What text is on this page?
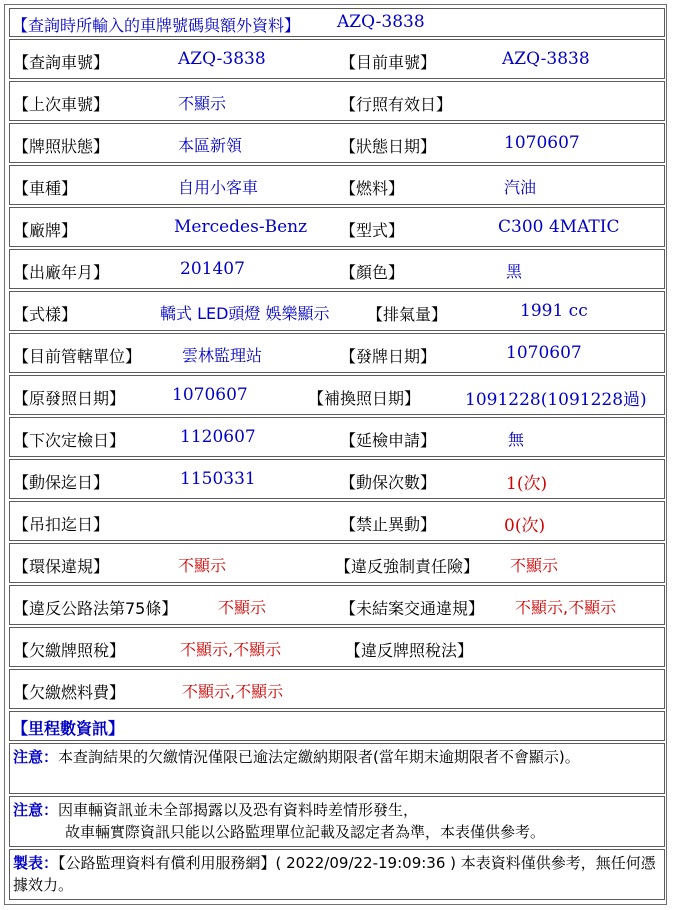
【查詢時所輸入的車牌號碼與額外資料】 AZQ-3838
【查詢車號】	AZQ-3838	【目前車號】	AZQ-3838
【上次車號】	不顯示	【行照有效日】
【牌照狀態】	本區新領	【狀態日期】	1070607
【車種】	自用小客車	【燃料】	汽油
【廠牌】	Mercedes-Benz 【型式】	C300 4MATIC
【出廠年月】	201407	【顏色】	黑
【式樣】	轎式 LED頭燈 娛樂顯示 【排氣量】	1991 cc
【目前管轄單位】	雲林監理站	【發牌日期】	1070607
【原發照日期】	1070607	【補換照日期】	1091228(1091228過)
【下次定檢日】	1120607	【延檢申請】	無
【動保迄日】	1150331	【動保次數】	1(次)
【吊扣迄日】	【禁止異動】	0(次)
【環保違規】	不顯示	【違反強制責任險】 不顯示
【違反公路法第75條】	不顯示	【未結案交通違規】 不顯示,不顯示
【欠繳牌照稅】	不顯示,不顯示	【違反牌照稅法】
【欠繳燃料費】	不顯示,不顯示
【里程數資訊】
注意：本查詢結果的欠繳情況僅限已逾法定繳納期限者(當年期末逾期限者不會顯示)。
注意：因車輛資訊並未全部揭露以及恐有資料時差情形發生，
故車輛實際資訊只能以公路監理單位記載及認定者為準，本表僅供參考。
製表：【公路監理資料有償利用服務網】( 2022/09/22-19:09:36 ) 本表資料僅供參考，無任何憑據效力。
